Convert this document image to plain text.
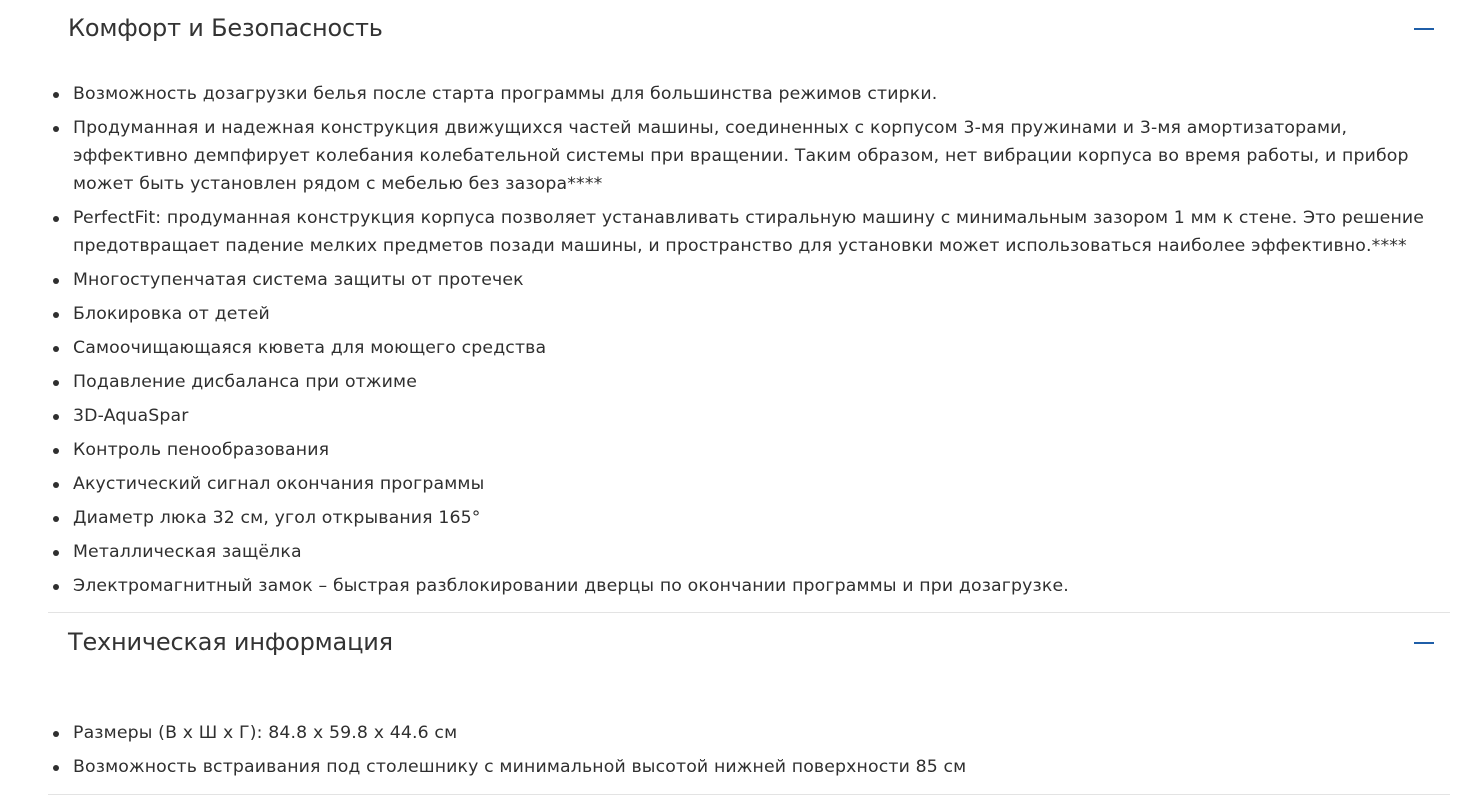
Комфорт и Безопасность
Возможность дозагрузки белья после старта программы для большинства режимов стирки.
Продуманная и надежная конструкция движущихся частей машины, соединенных с корпусом 3-мя пружинами и 3-мя амортизаторами, эффективно демпфирует колебания колебательной системы при вращении. Таким образом, нет вибрации корпуса во время работы, и прибор может быть установлен рядом с мебелью без зазора****
PerfectFit: продуманная конструкция корпуса позволяет устанавливать стиральную машину с минимальным зазором 1 мм к стене. Это решение предотвращает падение мелких предметов позади машины, и пространство для установки может использоваться наиболее эффективно.****
Многоступенчатая система защиты от протечек
Блокировка от детей
Самоочищающаяся кювета для моющего средства
Подавление дисбаланса при отжиме
3D-AquaSpar
Контроль пенообразования
Акустический сигнал окончания программы
Диаметр люка 32 см, угол открывания 165°
Металлическая защёлка
Электромагнитный замок – быстрая разблокировании дверцы по окончании программы и при дозагрузке.
Техническая информация
Размеры (В x Ш x Г): 84.8 x 59.8 x 44.6 см
Возможность встраивания под столешнику с минимальной высотой нижней поверхности 85 см
